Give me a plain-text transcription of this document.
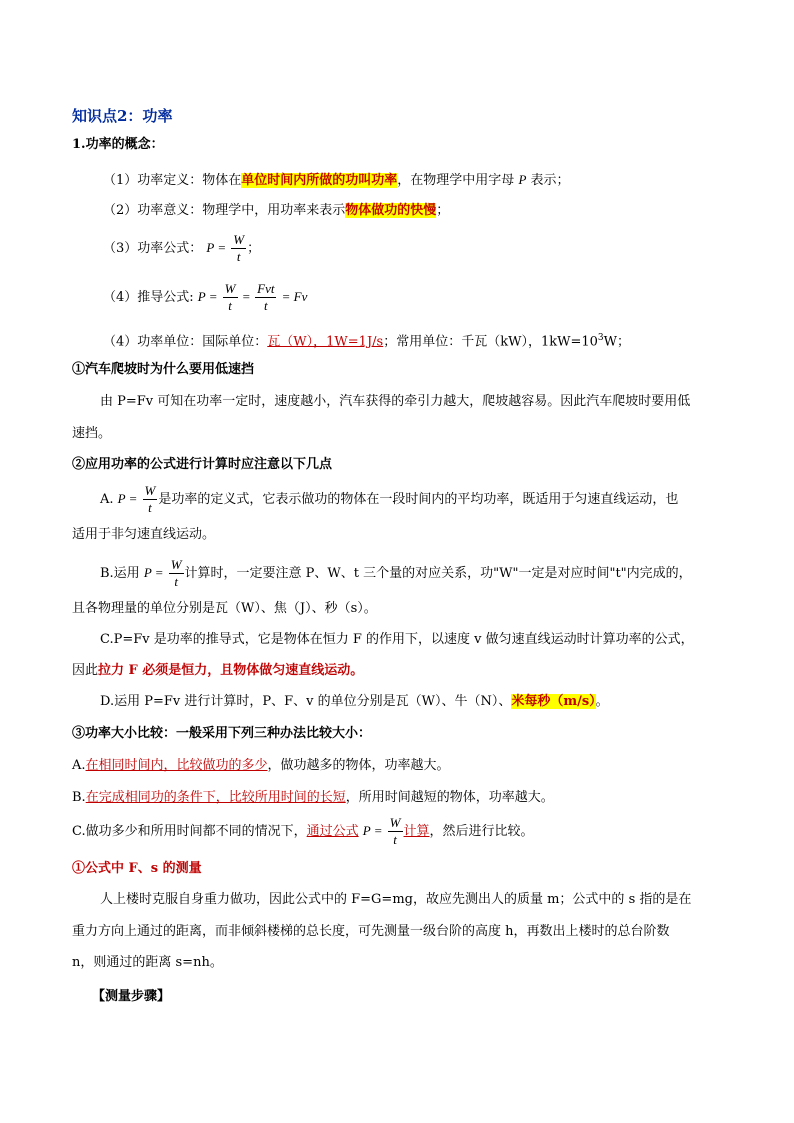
知识点2：功率
1.功率的概念：
（1）功率定义：物体在单位时间内所做的功叫功率，在物理学中用字母 P 表示；
（2）功率意义：物理学中，用功率来表示物体做功的快慢；
（3）功率公式： $P = \frac{W}{t}$ ；
（4）推导公式: $P = \frac{W}{t} = \frac{\text{Fvt}}{t} = Fv$
（4）功率单位：国际单位：瓦（W），1W=1J/s；常用单位：千瓦（kW），$1kW=10^3W$；
①汽车爬坡时为什么要用低速挡
由 P=Fv 可知在功率一定时，速度越小，汽车获得的牵引力越大，爬坡越容易。因此汽车爬坡时要用低
速挡。
②应用功率的公式进行计算时应注意以下几点
A. $P = \frac{W}{t}$ 是功率的定义式，它表示做功的物体在一段时间内的平均功率，既适用于匀速直线运动，也
适用于非匀速直线运动。
B.运用 $P = \frac{W}{t}$ 计算时，一定要注意 P、W、t 三个量的对应关系，功"W"一定是对应时间"t"内完成的，
且各物理量的单位分别是瓦（W）、焦（J）、秒（s）。
C.P=Fv 是功率的推导式，它是物体在恒力 F 的作用下，以速度 v 做匀速直线运动时计算功率的公式，
因此拉力 F 必须是恒力，且物体做匀速直线运动。
D.运用 P=Fv 进行计算时，P、F、v 的单位分别是瓦（W）、牛（N）、米每秒（m/s）。
③功率大小比较：一般采用下列三种办法比较大小：
A.在相同时间内，比较做功的多少，做功越多的物体，功率越大。
B.在完成相同功的条件下，比较所用时间的长短，所用时间越短的物体，功率越大。
C.做功多少和所用时间都不同的情况下，通过公式 $P = \frac{W}{t}$ 计算，然后进行比较。
①公式中 F、s 的测量
人上楼时克服自身重力做功，因此公式中的 F=G=mg，故应先测出人的质量 m；公式中的 s 指的是在
重力方向上通过的距离，而非倾斜楼梯的总长度，可先测量一级台阶的高度 h，再数出上楼时的总台阶数
n，则通过的距离 s=nh。
【测量步骤】
